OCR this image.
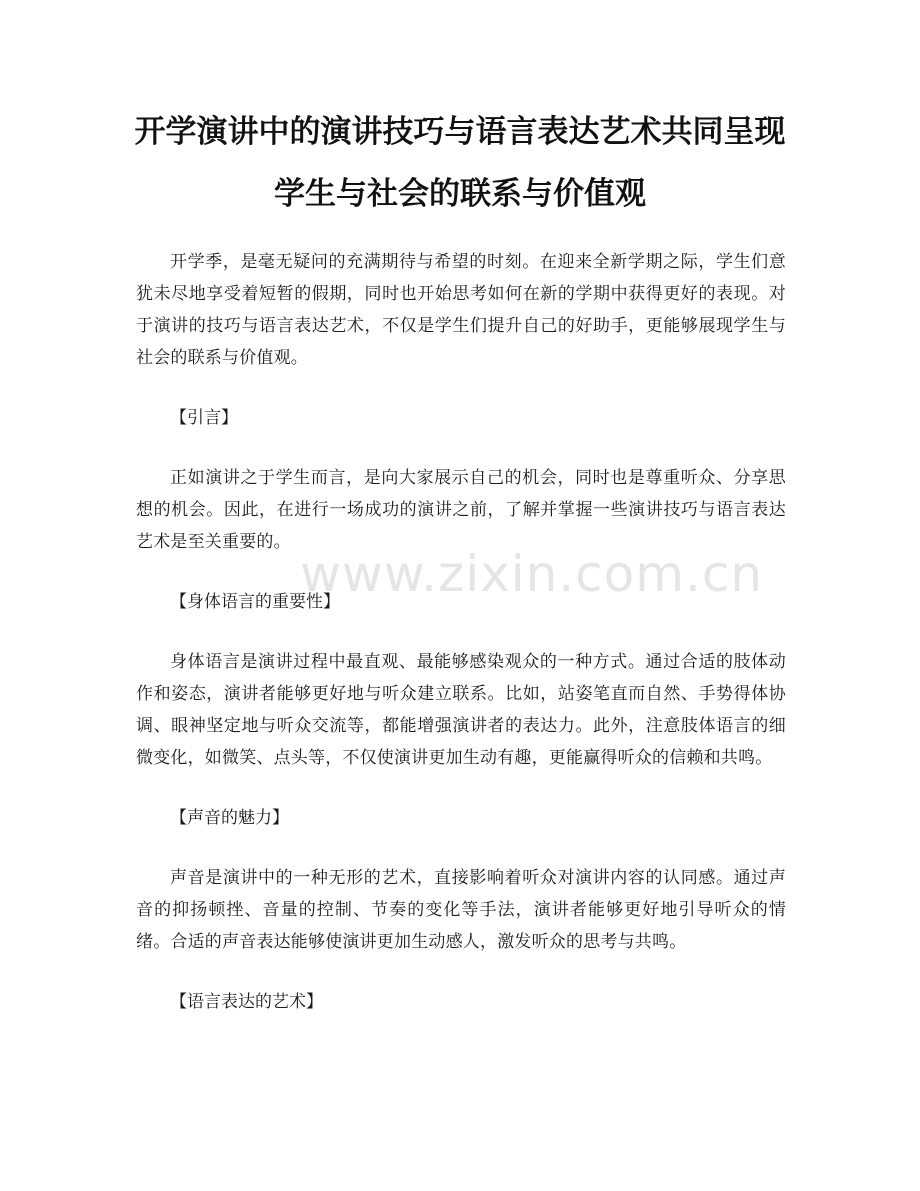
开学演讲中的演讲技巧与语言表达艺术共同呈现学生与社会的联系与价值观

开学季，是毫无疑问的充满期待与希望的时刻。在迎来全新学期之际，学生们意犹未尽地享受着短暂的假期，同时也开始思考如何在新的学期中获得更好的表现。对于演讲的技巧与语言表达艺术，不仅是学生们提升自己的好助手，更能够展现学生与社会的联系与价值观。

【引言】

正如演讲之于学生而言，是向大家展示自己的机会，同时也是尊重听众、分享思想的机会。因此，在进行一场成功的演讲之前，了解并掌握一些演讲技巧与语言表达艺术是至关重要的。

【身体语言的重要性】

身体语言是演讲过程中最直观、最能够感染观众的一种方式。通过合适的肢体动作和姿态，演讲者能够更好地与听众建立联系。比如，站姿笔直而自然、手势得体协调、眼神坚定地与听众交流等，都能增强演讲者的表达力。此外，注意肢体语言的细微变化，如微笑、点头等，不仅使演讲更加生动有趣，更能赢得听众的信赖和共鸣。

【声音的魅力】

声音是演讲中的一种无形的艺术，直接影响着听众对演讲内容的认同感。通过声音的抑扬顿挫、音量的控制、节奏的变化等手法，演讲者能够更好地引导听众的情绪。合适的声音表达能够使演讲更加生动感人，激发听众的思考与共鸣。

【语言表达的艺术】

www.zixin.com.cn
